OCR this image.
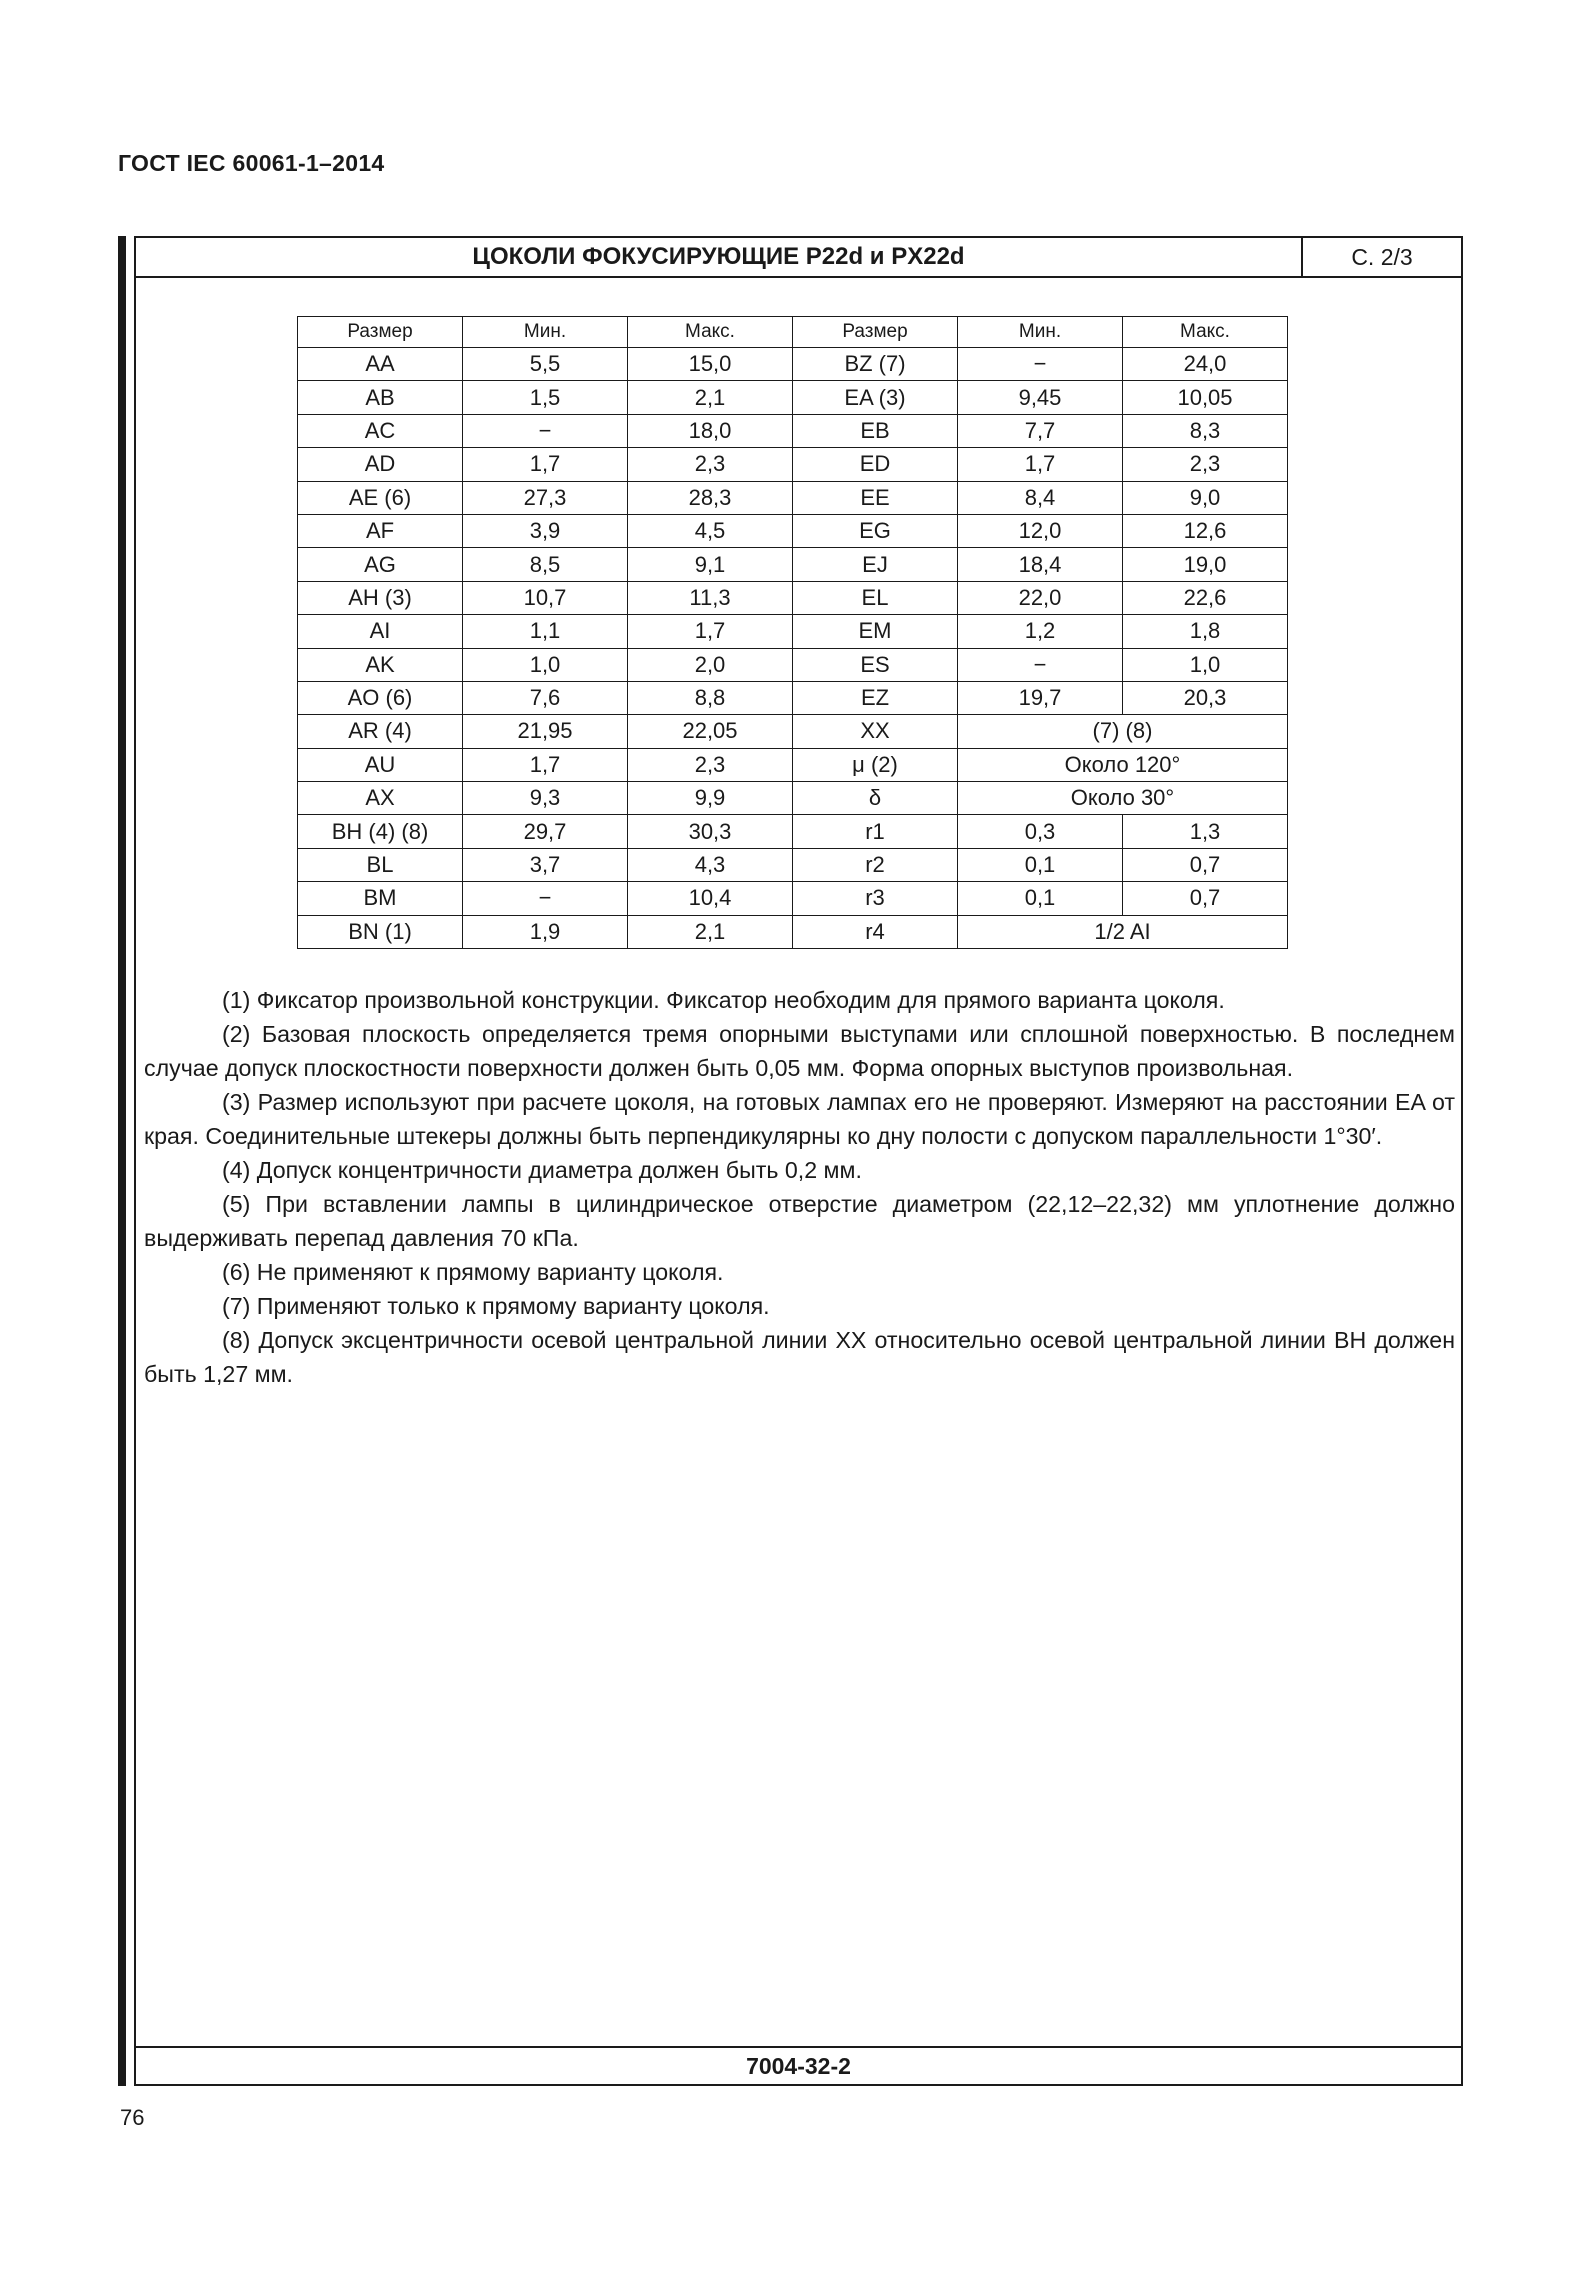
ГОСТ IEC 60061-1–2014
ЦОКОЛИ ФОКУСИРУЮЩИЕ P22d и PX22d	С. 2/3
Размер	Мин.	Макс.	Размер	Мин.	Макс.
AA	5,5	15,0	BZ (7)	−	24,0
AB	1,5	2,1	EA (3)	9,45	10,05
AC	−	18,0	EB	7,7	8,3
AD	1,7	2,3	ED	1,7	2,3
AE (6)	27,3	28,3	EE	8,4	9,0
AF	3,9	4,5	EG	12,0	12,6
AG	8,5	9,1	EJ	18,4	19,0
AH (3)	10,7	11,3	EL	22,0	22,6
AI	1,1	1,7	EM	1,2	1,8
AK	1,0	2,0	ES	−	1,0
AO (6)	7,6	8,8	EZ	19,7	20,3
AR (4)	21,95	22,05	XX	(7) (8)	
AU	1,7	2,3	μ (2)	Около 120°	
AX	9,3	9,9	δ	Около 30°	
BH (4) (8)	29,7	30,3	r1	0,3	1,3
BL	3,7	4,3	r2	0,1	0,7
BM	−	10,4	r3	0,1	0,7
BN (1)	1,9	2,1	r4	1/2 AI	

(1) Фиксатор произвольной конструкции. Фиксатор необходим для прямого варианта цоколя.

(2) Базовая плоскость определяется тремя опорными выступами или сплошной поверхностью. В последнем случае допуск плоскостности поверхности должен быть 0,05 мм. Форма опорных выступов произвольная.

(3) Размер используют при расчете цоколя, на готовых лампах его не проверяют. Измеряют на расстоянии EA от края. Соединительные штекеры должны быть перпендикулярны ко дну полости с допуском параллельности 1°30′.

(4) Допуск концентричности диаметра должен быть 0,2 мм.

(5) При вставлении лампы в цилиндрическое отверстие диаметром (22,12–22,32) мм уплотнение должно выдерживать перепад давления 70 кПа.

(6) Не применяют к прямому варианту цоколя.

(7) Применяют только к прямому варианту цоколя.

(8) Допуск эксцентричности осевой центральной линии XX относительно осевой центральной линии BH должен быть 1,27 мм.

7004-32-2
76
